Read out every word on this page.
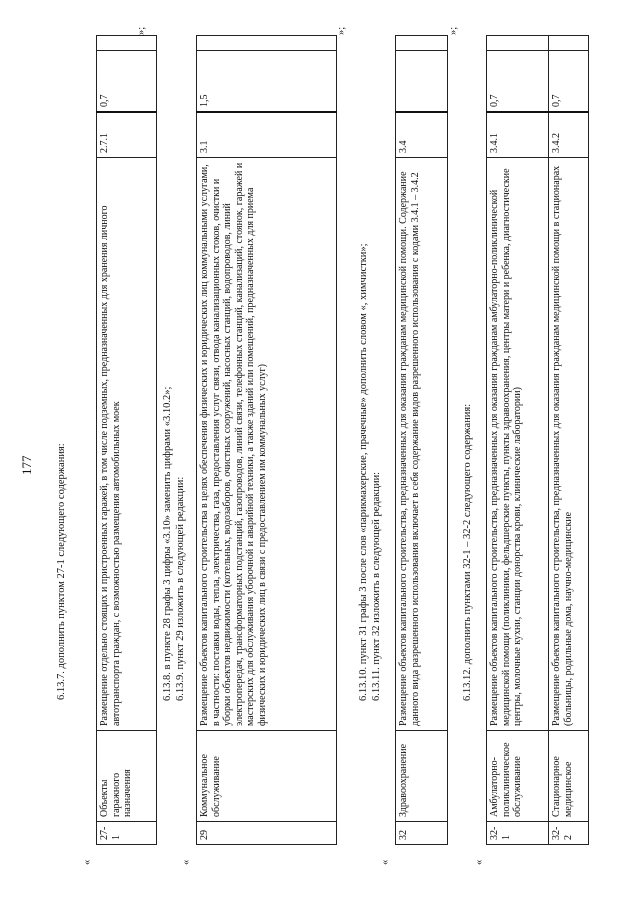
177 6.13.7. дополнить пунктом 27-1 следующего содержания:
«
27-1	Объекты гаражного назначения	Размещение отдельно стоящих и пристроенных гаражей, в том числе подземных, предназначенных для хранения личного автотранспорта граждан, с возможностью размещения автомобильных моек	2.7.1	0,7	
»;
6.13.8. в пункте 28 графы 3 цифры «3.10» заменить цифрами «3.10.2»; 6.13.9. пункт 29 изложить в следующей редакции:
«
29	Коммунальное обслуживание	Размещение объектов капитального строительства в целях обеспечения физических и юридических лиц коммунальными услугами, в частности: поставки воды, тепла, электричества, газа, предоставления услуг связи, отвода канализационных стоков, очистки и уборки объектов недвижимости (котельных, водозаборов, очистных сооружений, насосных станций, водопроводов, линий электропередач, трансформаторных подстанций, газопроводов, линий связи, телефонных станций, канализаций, стоянок, гаражей и мастерских для обслуживания уборочной и аварийной техники, а также зданий или помещений, предназначенных для приема физических и юридических лиц в связи с предоставлением им коммунальных услуг)	3.1	1,5	
»;
6.13.10. пункт 31 графы 3 после слов «парикмахерские, прачечные» дополнить словом «, химчистки»; 6.13.11. пункт 32 изложить в следующей редакции:
«
32	Здравоохранение	Размещение объектов капитального строительства, предназначенных для оказания гражданам медицинской помощи. Содержание данного вида разрешенного использования включает в себя содержание видов разрешенного использования с кодами 3.4.1 – 3.4.2	3.4		
»;
6.13.12. дополнить пунктами 32-1 – 32-2 следующего содержания:
«
32-1	Амбулаторно-поликлиническое обслуживание	Размещение объектов капитального строительства, предназначенных для оказания гражданам амбулаторно-поликлинической медицинской помощи (поликлиники, фельдшерские пункты, пункты здравоохранения, центры матери и ребенка, диагностические центры, молочные кухни, станции донорства крови, клинические лаборатории)	3.4.1	0,7	
32-2	Стационарное медицинское	Размещение объектов капитального строительства, предназначенных для оказания гражданам медицинской помощи в стационарах (больницы, родильные дома, научно-медицинские	3.4.2	0,7	
